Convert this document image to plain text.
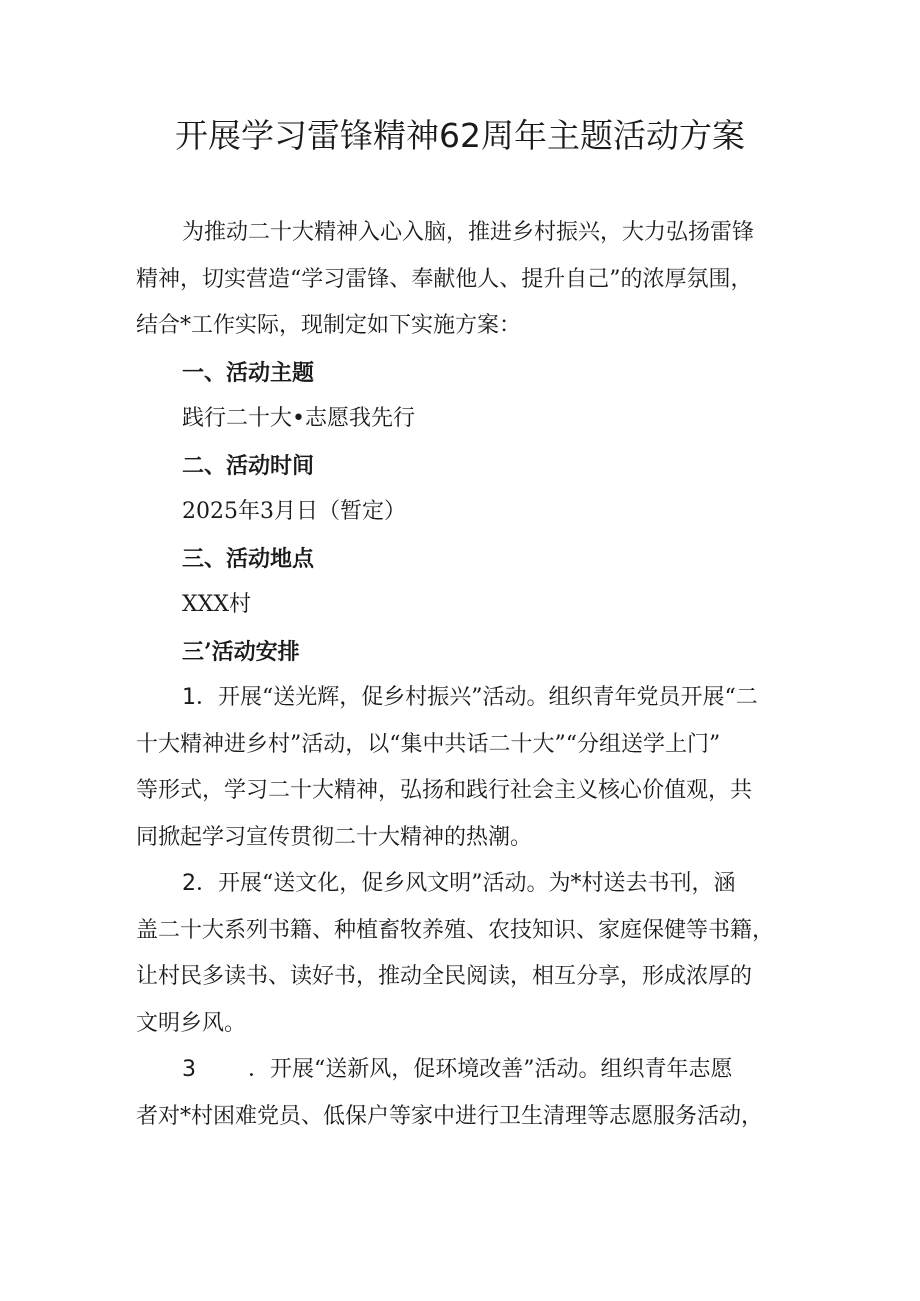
开展学习雷锋精神62周年主题活动方案
为推动二十大精神入心入脑，推进乡村振兴，大力弘扬雷锋
精神，切实营造“学习雷锋、奉献他人、提升自己”的浓厚氛围，
结合*工作实际，现制定如下实施方案：
一、活动主题
践行二十大•志愿我先行
二、活动时间
2025年3月日（暂定）
三、活动地点
XXX村
三’活动安排
1．开展“送光辉，促乡村振兴”活动。组织青年党员开展“二
十大精神进乡村”活动，以“集中共话二十大”“分组送学上门”
等形式，学习二十大精神，弘扬和践行社会主义核心价值观，共
同掀起学习宣传贯彻二十大精神的热潮。
2．开展“送文化，促乡风文明”活动。为*村送去书刊，涵
盖二十大系列书籍、种植畜牧养殖、农技知识、家庭保健等书籍，
让村民多读书、读好书，推动全民阅读，相互分享，形成浓厚的
文明乡风。
3 ．开展“送新风，促环境改善”活动。组织青年志愿
者对*村困难党员、低保户等家中进行卫生清理等志愿服务活动，
